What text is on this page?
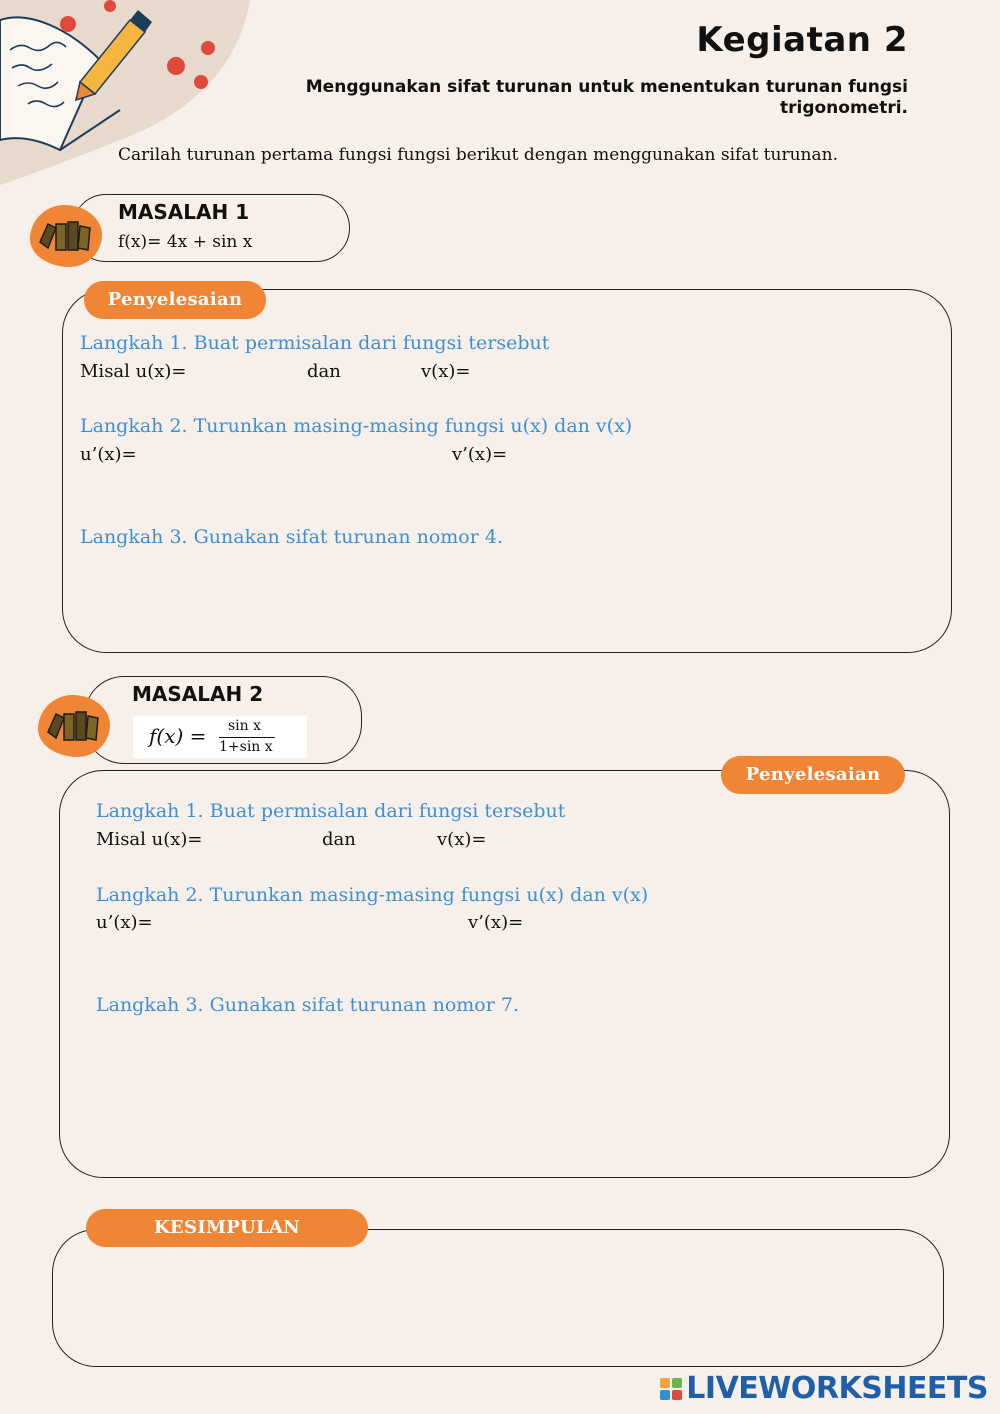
Kegiatan 2
Menggunakan sifat turunan untuk menentukan turunan fungsi trigonometri.
Carilah turunan pertama fungsi fungsi berikut dengan menggunakan sifat turunan.
MASALAH 1
f(x)= 4x + sin x
Penyelesaian
Langkah 1. Buat permisalan dari fungsi tersebut
Misal u(x)=	dan	v(x)=
Langkah 2. Turunkan masing-masing fungsi u(x) dan v(x)
u’(x)=	v’(x)=
Langkah 3. Gunakan sifat turunan nomor 4.
MASALAH 2
f(x) = sin x
1+sin x
Penyelesaian
Langkah 1. Buat permisalan dari fungsi tersebut
Misal u(x)=	dan	v(x)=
Langkah 2. Turunkan masing-masing fungsi u(x) dan v(x)
u’(x)=	v’(x)=
Langkah 3. Gunakan sifat turunan nomor 7.
KESIMPULAN
LIVEWORKSHEETS
